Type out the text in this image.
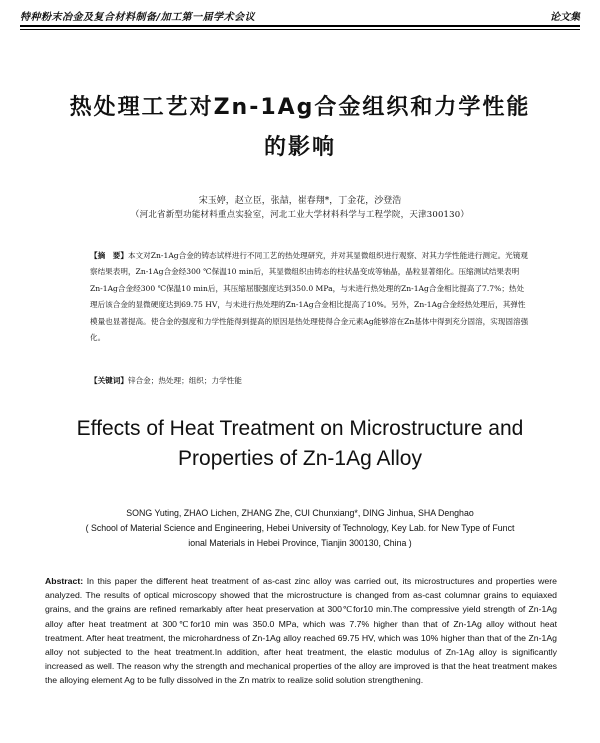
特种粉末冶金及复合材料制备/加工第一届学术会议	论文集
热处理工艺对Zn-1Ag合金组织和力学性能
的影响
宋玉婷，赵立臣，张喆，崔春翔*，丁金花，沙登浩
（河北省新型功能材料重点实验室，河北工业大学材料科学与工程学院，天津300130）
【摘　要】本文对Zn-1Ag合金的铸态试样进行不同工艺的热处理研究，并对其显微组织进行观察、对其力学性能进行测定。光镜观察结果表明，Zn-1Ag合金经300 ℃保温10 min后，其显微组织由铸态的柱状晶变成等轴晶，晶粒显著细化。压缩测试结果表明Zn-1Ag合金经300 ℃保温10 min后，其压缩屈服强度达到350.0 MPa，与未进行热处理的Zn-1Ag合金相比提高了7.7%；热处理后该合金的显微硬度达到69.75 HV，与未进行热处理的Zn-1Ag合金相比提高了10%。另外，Zn-1Ag合金经热处理后，其弹性模量也显著提高。使合金的强度和力学性能得到提高的原因是热处理使得合金元素Ag能够溶在Zn基体中得到充分固溶，实现固溶强化。
【关键词】锌合金；热处理；组织；力学性能
Effects of Heat Treatment on Microstructure and
Properties of Zn-1Ag Alloy
SONG Yuting, ZHAO Lichen, ZHANG Zhe, CUI Chunxiang*, DING Jinhua, SHA Denghao
( School of Material Science and Engineering, Hebei University of Technology, Key Lab. for New Type of Funct
ional Materials in Hebei Province, Tianjin 300130, China )
Abstract: In this paper the different heat treatment of as-cast zinc alloy was carried out, its microstructures and properties were analyzed. The results of optical microscopy showed that the microstructure is changed from as-cast columnar grains to equiaxed grains, and the grains are refined remarkably after heat preservation at 300℃for10 min.The compressive yield strength of Zn-1Ag alloy after heat treatment at 300℃for10 min was 350.0 MPa, which was 7.7% higher than that of Zn-1Ag alloy without heat treatment. After heat treatment, the microhardness of Zn-1Ag alloy reached 69.75 HV, which was 10% higher than that of the Zn-1Ag alloy not subjected to the heat treatment.In addition, after heat treatment, the elastic modulus of Zn-1Ag alloy is significantly increased as well. The reason why the strength and mechanical properties of the alloy are improved is that the heat treatment makes the alloying element Ag to be fully dissolved in the Zn matrix to realize solid solution strengthening.
